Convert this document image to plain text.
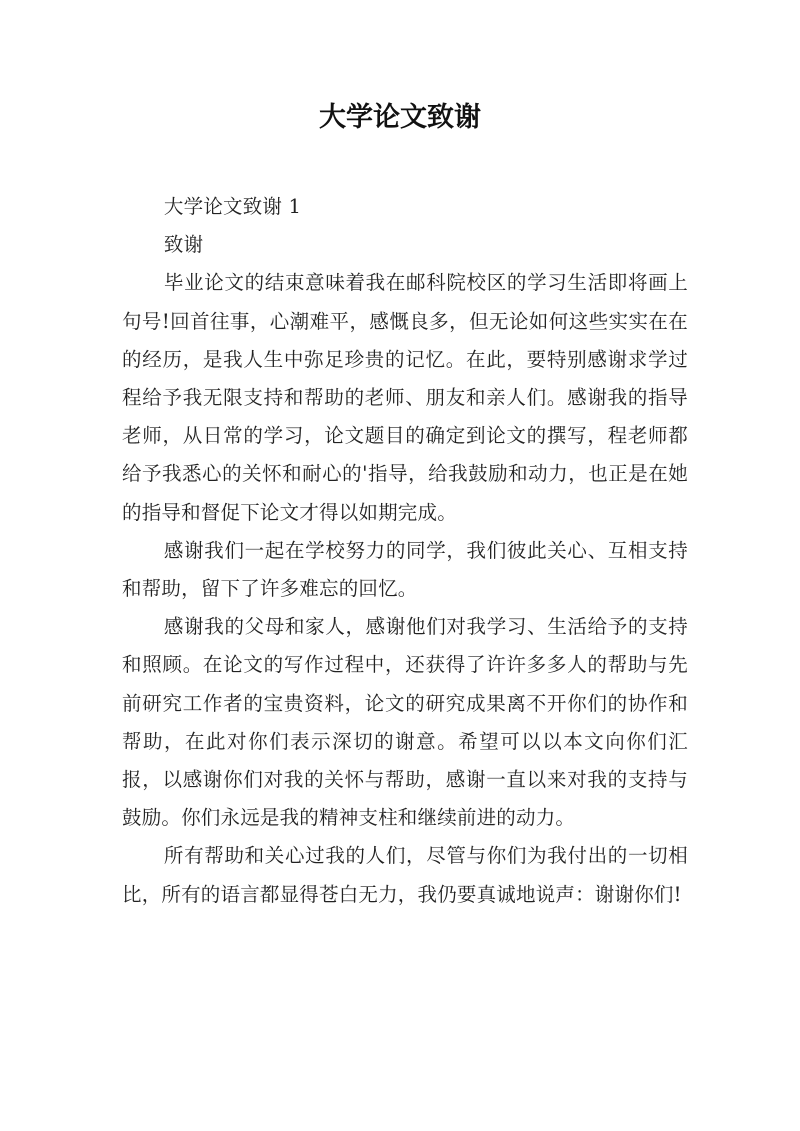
大学论文致谢

大学论文致谢 1

致谢

毕业论文的结束意味着我在邮科院校区的学习生活即将画上句号!回首往事，心潮难平，感慨良多，但无论如何这些实实在在的经历，是我人生中弥足珍贵的记忆。在此，要特别感谢求学过程给予我无限支持和帮助的老师、朋友和亲人们。感谢我的指导老师，从日常的学习，论文题目的确定到论文的撰写，程老师都给予我悉心的关怀和耐心的'指导，给我鼓励和动力，也正是在她的指导和督促下论文才得以如期完成。

感谢我们一起在学校努力的同学，我们彼此关心、互相支持和帮助，留下了许多难忘的回忆。

感谢我的父母和家人，感谢他们对我学习、生活给予的支持和照顾。在论文的写作过程中，还获得了许许多多人的帮助与先前研究工作者的宝贵资料，论文的研究成果离不开你们的协作和帮助，在此对你们表示深切的谢意。希望可以以本文向你们汇报，以感谢你们对我的关怀与帮助，感谢一直以来对我的支持与鼓励。你们永远是我的精神支柱和继续前进的动力。

所有帮助和关心过我的人们，尽管与你们为我付出的一切相比，所有的语言都显得苍白无力，我仍要真诚地说声：谢谢你们!
